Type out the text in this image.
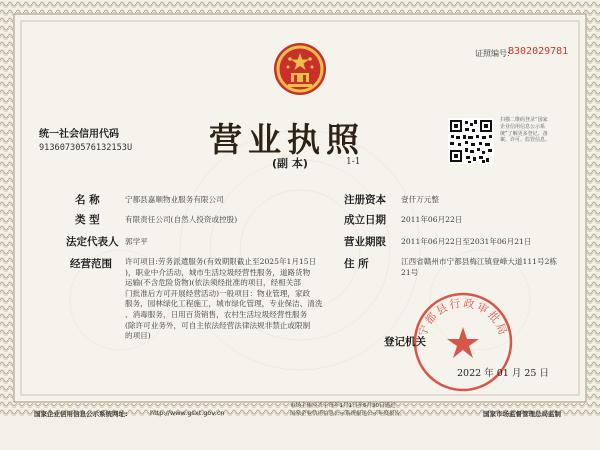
证照编号:
B302029781
统一社会信用代码
91360730576132153U 营业执照
(副 本)	1-1
扫描二维码登录“国家企业信用信息公示系统”了解更多登记、备案、许可、监管信息。
名 称	宁都县嘉顺物业服务有限公司
类 型	有限责任公司(自然人投资或控股)
法定代表人 郭学平
经营范围 许可项目:劳务派遣服务(有效期限截止至2025年1月15日
)，职业中介活动，城市生活垃圾经营性服务，道路货物
运输(不含危险货物)(依法须经批准的项目，经相关部
门批准后方可开展经营活动)一般项目：物业管理，家政
服务，园林绿化工程施工，城市绿化管理，专业保洁、清洗
、消毒服务，日用百货销售，农村生活垃圾经营性服务
(除许可业务外，可自主依法经营法律法规非禁止或限制
的项目)
注册资本 壹仟万元整
成立日期 2011年06月22日
营业期限 2011年06月22日至2031年06月21日
住 所	江西省赣州市宁都县梅江镇登峰大道111号2栋
21号
宁都县行政审批局
登记机关
2022 年 01 月 25 日
国家企业信用信息公示系统网址:	http://www.gsxt.gov.cn
市场主体应当于每年1月1日至6月30日通过
国家企业信用信息公示系统报送公示年度报告。	国家市场监督管理总局监制
